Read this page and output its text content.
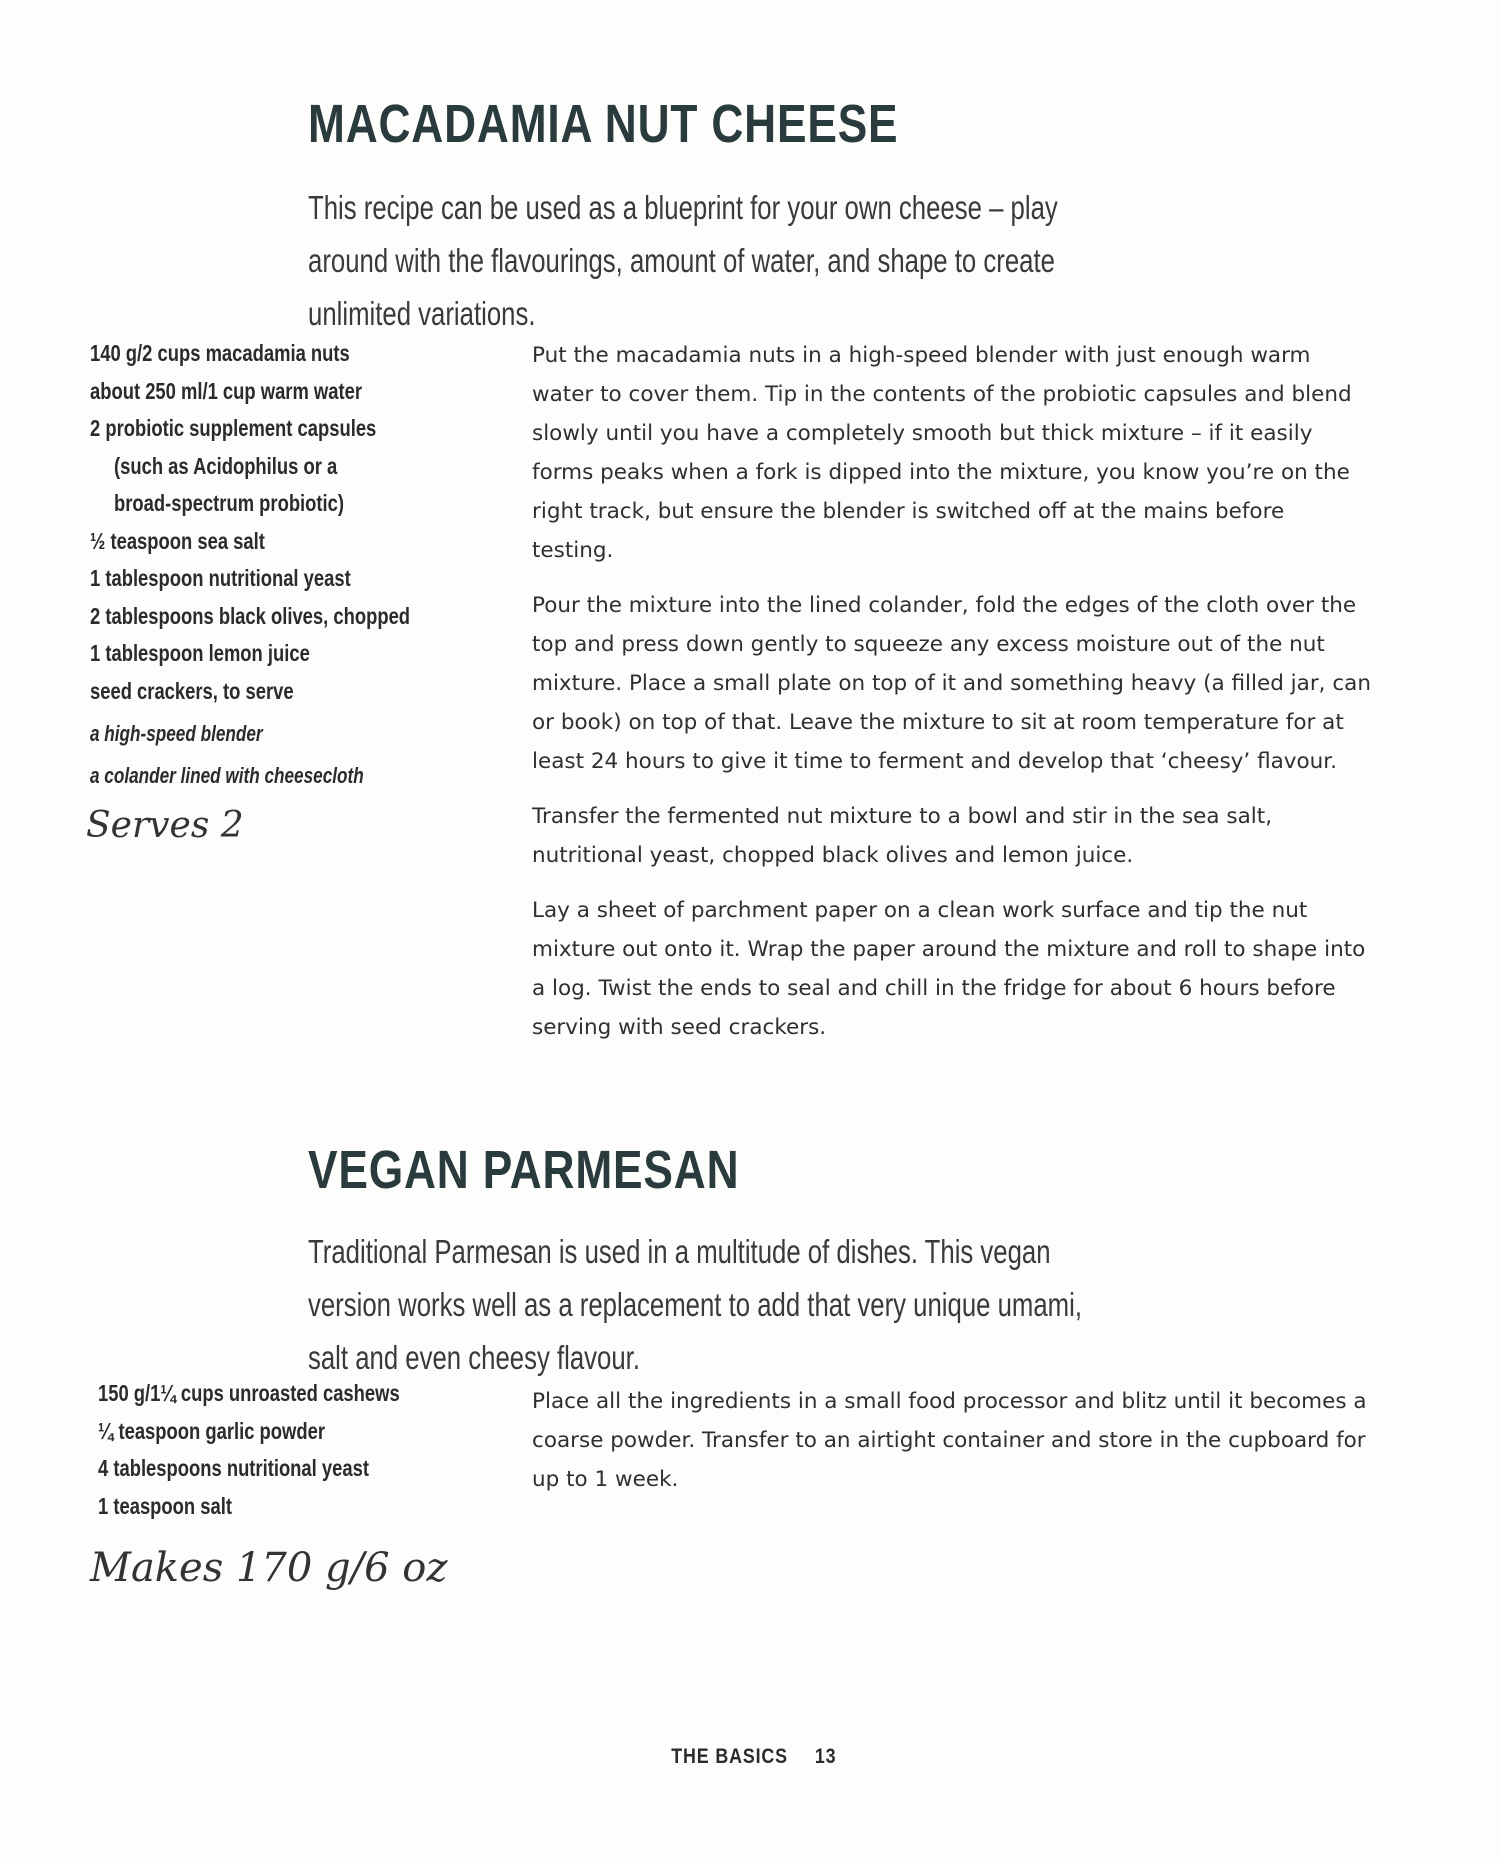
MACADAMIA NUT CHEESE

This recipe can be used as a blueprint for your own cheese – play around with the flavourings, amount of water, and shape to create unlimited variations.

140 g/2 cups macadamia nuts
about 250 ml/1 cup warm water
2 probiotic supplement capsules
(such as Acidophilus or a
broad-spectrum probiotic)
½ teaspoon sea salt
1 tablespoon nutritional yeast
2 tablespoons black olives, chopped
1 tablespoon lemon juice
seed crackers, to serve
a high-speed blender
a colander lined with cheesecloth
Serves 2

Put the macadamia nuts in a high-speed blender with just enough warm water to cover them. Tip in the contents of the probiotic capsules and blend slowly until you have a completely smooth but thick mixture – if it easily forms peaks when a fork is dipped into the mixture, you know you’re on the right track, but ensure the blender is switched off at the mains before testing.

Pour the mixture into the lined colander, fold the edges of the cloth over the top and press down gently to squeeze any excess moisture out of the nut mixture. Place a small plate on top of it and something heavy (a filled jar, can or book) on top of that. Leave the mixture to sit at room temperature for at least 24 hours to give it time to ferment and develop that ‘cheesy’ flavour.

Transfer the fermented nut mixture to a bowl and stir in the sea salt, nutritional yeast, chopped black olives and lemon juice.

Lay a sheet of parchment paper on a clean work surface and tip the nut mixture out onto it. Wrap the paper around the mixture and roll to shape into a log. Twist the ends to seal and chill in the fridge for about 6 hours before serving with seed crackers.

VEGAN PARMESAN

Traditional Parmesan is used in a multitude of dishes. This vegan version works well as a replacement to add that very unique umami, salt and even cheesy flavour.

150 g/1¼ cups unroasted cashews
¼ teaspoon garlic powder
4 tablespoons nutritional yeast
1 teaspoon salt
Makes 170 g/6 oz

Place all the ingredients in a small food processor and blitz until it becomes a coarse powder. Transfer to an airtight container and store in the cupboard for up to 1 week.

THE BASICS 13
